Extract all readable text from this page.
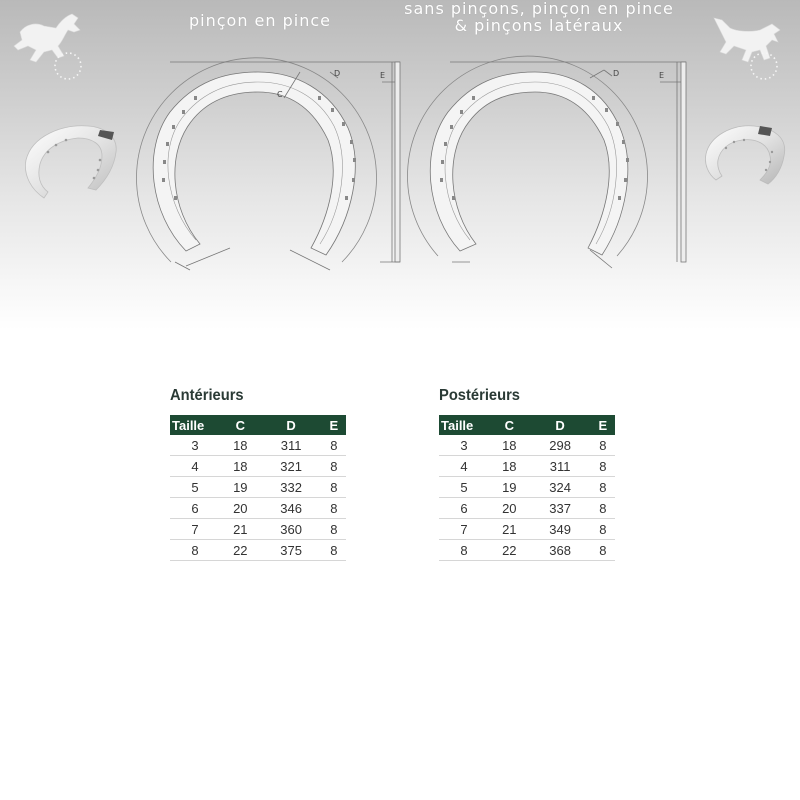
pinçon en pince
sans pinçons, pinçon en pince
& pinçons latéraux
D
C
E	D	E
Antérieurs
Taille	C	D	E
3	18	311	8
4	18	321	8
5	19	332	8
6	20	346	8
7	21	360	8
8	22	375	8
Postérieurs
Taille	C	D	E
3	18	298	8
4	18	311	8
5	19	324	8
6	20	337	8
7	21	349	8
8	22	368	8
